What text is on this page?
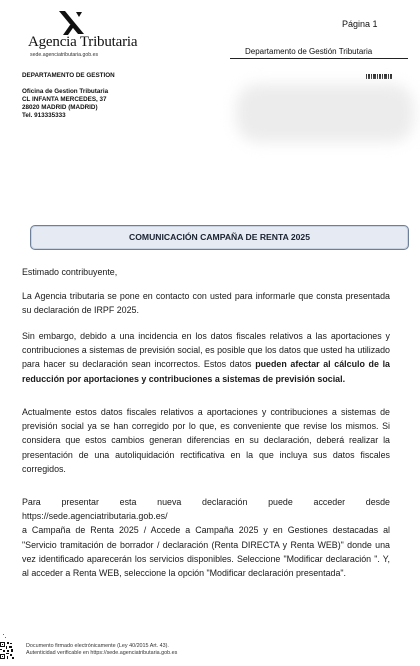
Agencia Tributaria
sede.agenciatributaria.gob.es
Página 1
Departamento de Gestión Tributaria
DEPARTAMENTO DE GESTION
Oficina de Gestion Tributaria
CL INFANTA MERCEDES, 37
28020 MADRID (MADRID)
Tel. 913335333
COMUNICACIÓN CAMPAÑA DE RENTA 2025
Estimado contribuyente,
La Agencia tributaria se pone en contacto con usted para informarle que consta presentada su declaración de IRPF 2025.
Sin embargo, debido a una incidencia en los datos fiscales relativos a las aportaciones y contribuciones a sistemas de previsión social, es posible que los datos que usted ha utilizado para hacer su declaración sean incorrectos. Estos datos pueden afectar al cálculo de la reducción por aportaciones y contribuciones a sistemas de previsión social.
Actualmente estos datos fiscales relativos a aportaciones y contribuciones a sistemas de previsión social ya se han corregido por lo que, es conveniente que revise los mismos. Si considera que estos cambios generan diferencias en su declaración, deberá realizar la presentación de una autoliquidación rectificativa en la que incluya sus datos fiscales corregidos.
Para presentar esta nueva declaración puede acceder desde
https://sede.agenciatributaria.gob.es/
a Campaña de Renta 2025 / Accede a Campaña 2025 y en Gestiones destacadas al "Servicio tramitación de borrador / declaración (Renta DIRECTA y Renta WEB)" donde una vez identificado aparecerán los servicios disponibles. Seleccione "Modificar declaración ". Y, al acceder a Renta WEB, seleccione la opción "Modificar declaración presentada".
Documento firmado electrónicamente (Ley 40/2015 Art. 43).
Autenticidad verificable en https://sede.agenciatributaria.gob.es
